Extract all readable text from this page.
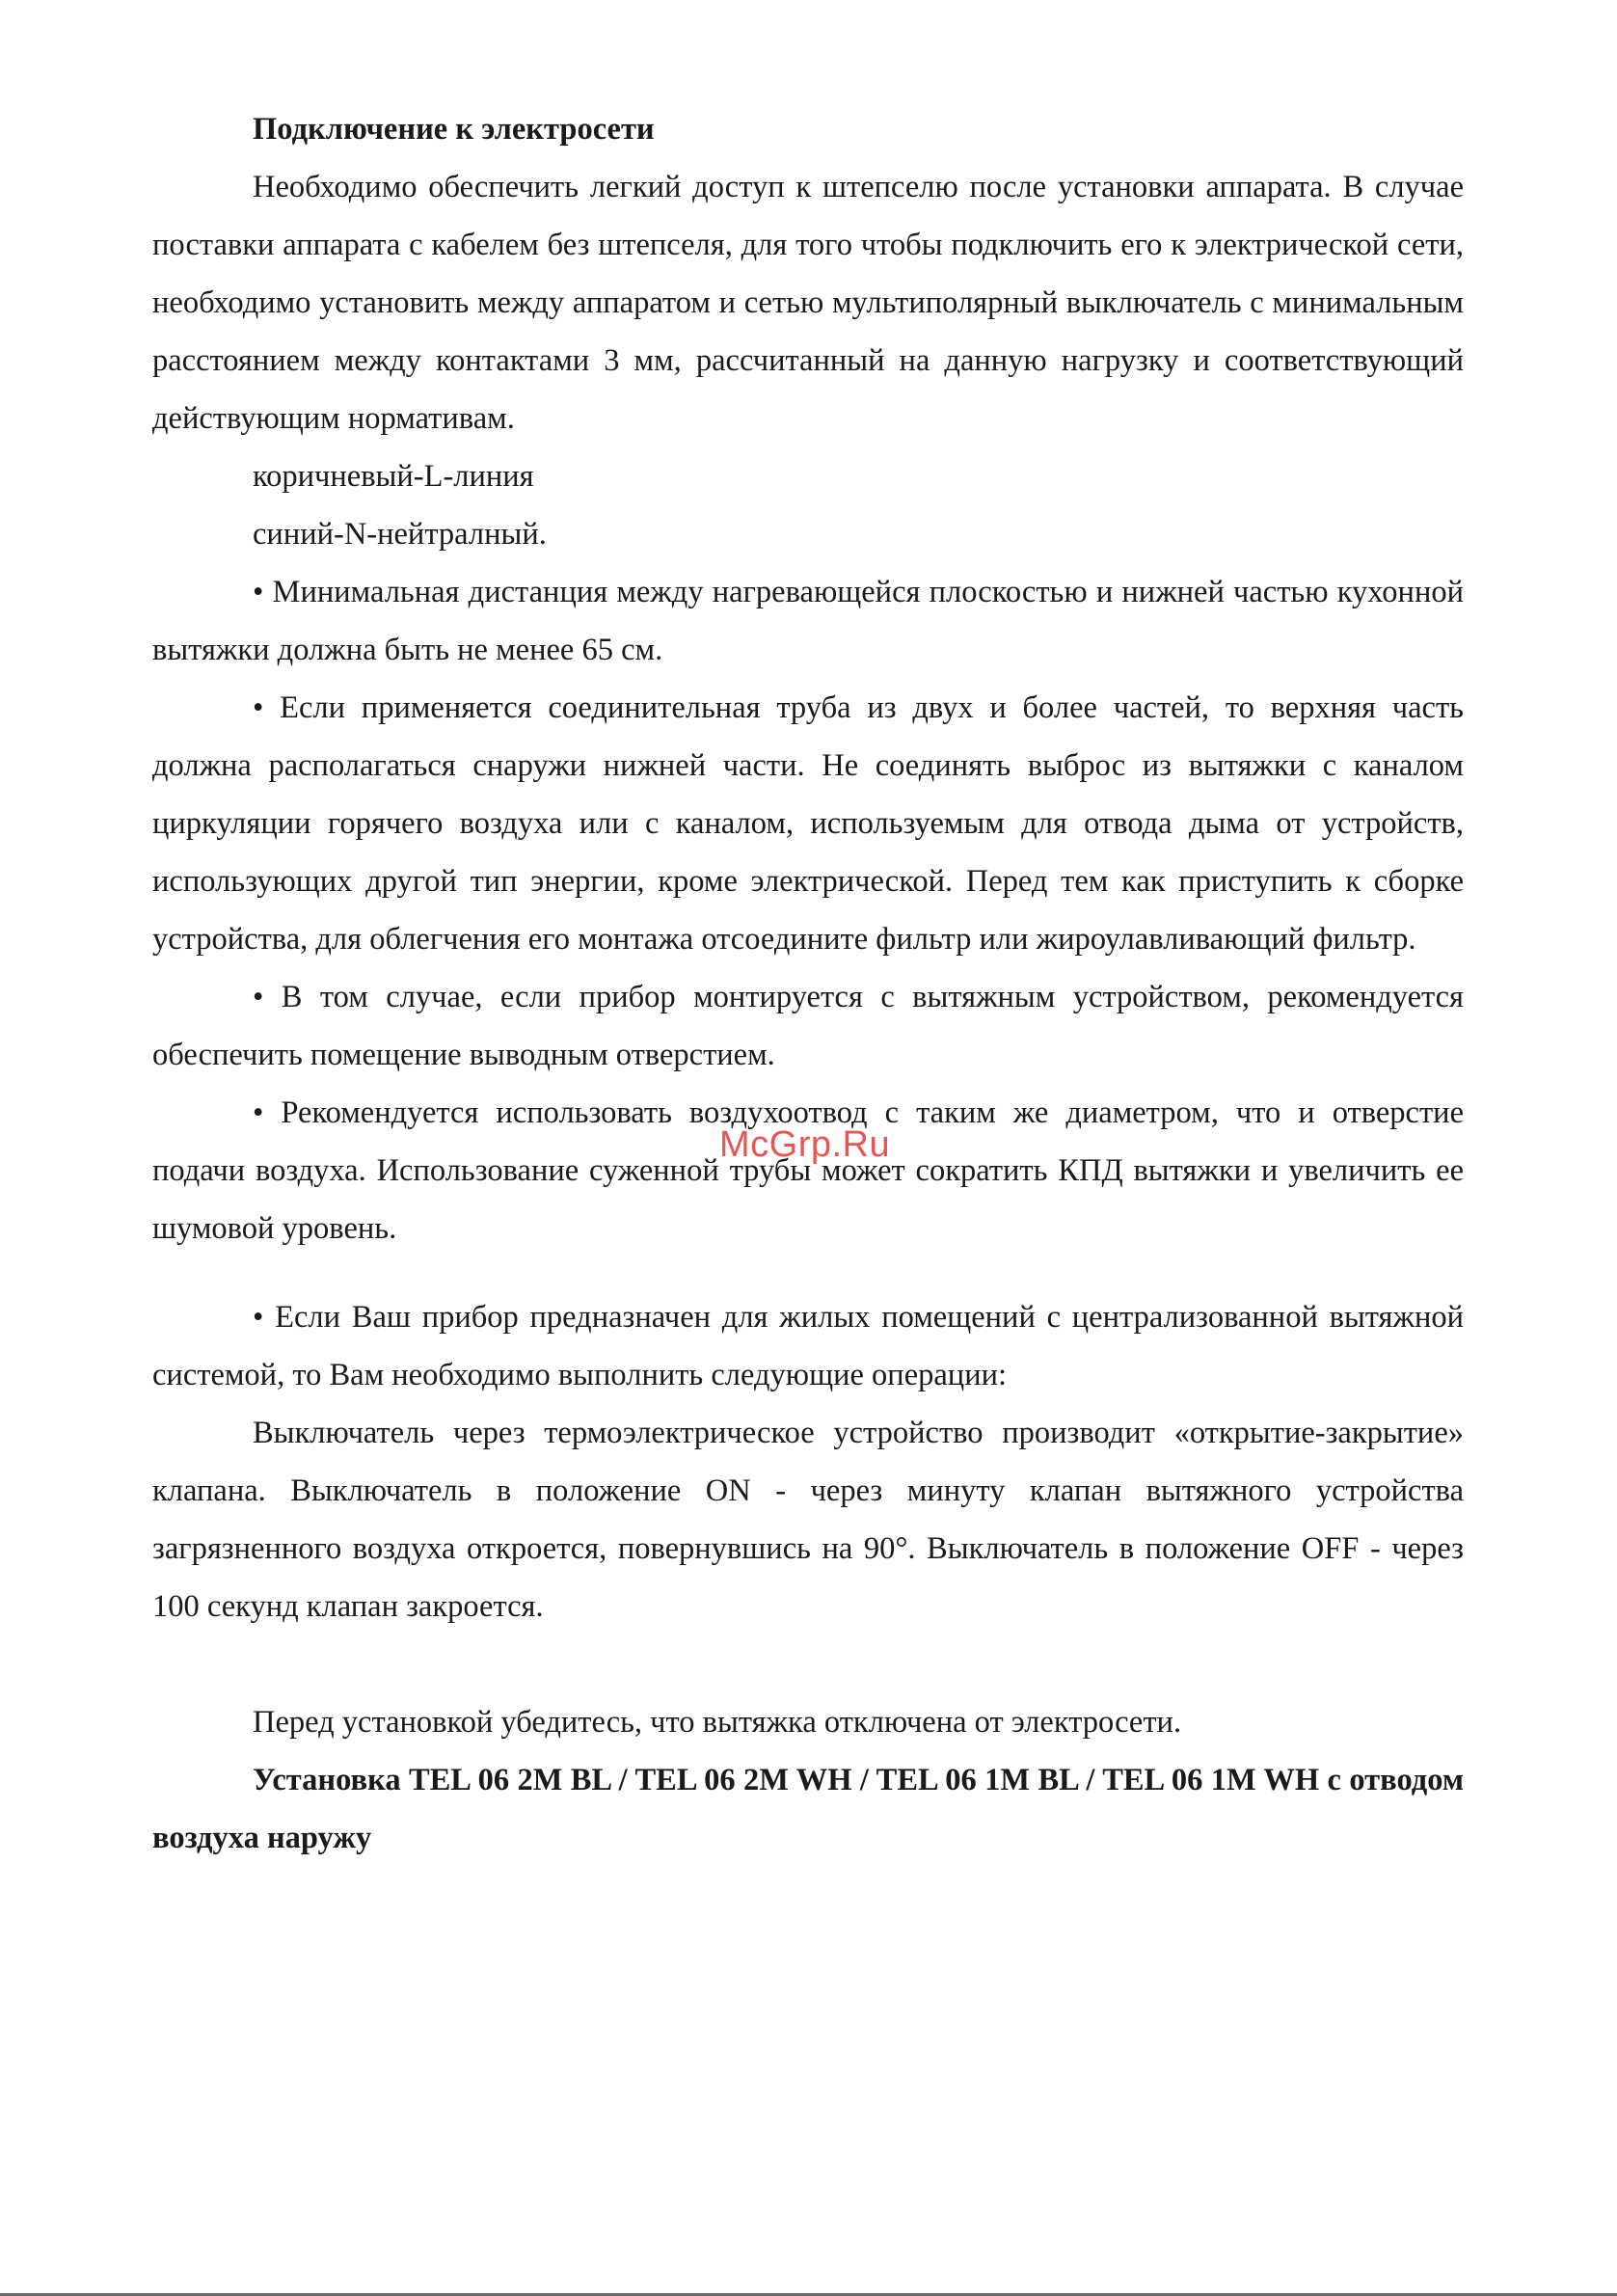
Подключение к электросети

Необходимо обеспечить легкий доступ к штепселю после установки аппарата. В случае поставки аппарата с кабелем без штепселя, для того чтобы подключить его к электрической сети, необходимо установить между аппаратом и сетью мультиполярный выключатель с минимальным расстоянием между контактами 3 мм, рассчитанный на данную нагрузку и соответствующий действующим нормативам.

коричневый-L-линия

синий-N-нейтралный.

• Минимальная дистанция между нагревающейся плоскостью и нижней частью кухонной вытяжки должна быть не менее 65 см.

• Если применяется соединительная труба из двух и более частей, то верхняя часть должна располагаться снаружи нижней части. Не соединять выброс из вытяжки с каналом циркуляции горячего воздуха или с каналом, используемым для отвода дыма от устройств, использующих другой тип энергии, кроме электрической. Перед тем как приступить к сборке устройства, для облегчения его монтажа отсоедините фильтр или жироулавливающий фильтр.

• В том случае, если прибор монтируется с вытяжным устройством, рекомендуется обеспечить помещение выводным отверстием.

• Рекомендуется использовать воздухоотвод с таким же диаметром, что и отверстие подачи воздуха. Использование суженной трубы может сократить КПД вытяжки и увеличить ее шумовой уровень.

• Если Ваш прибор предназначен для жилых помещений с централизованной вытяжной системой, то Вам необходимо выполнить следующие операции:

Выключатель через термоэлектрическое устройство производит «открытие-закрытие» клапана. Выключатель в положение ON - через минуту клапан вытяжного устройства загрязненного воздуха откроется, повернувшись на 90°. Выключатель в положение OFF - через 100 секунд клапан закроется.

Перед установкой убедитесь, что вытяжка отключена от электросети.

Установка TEL 06 2M BL / TEL 06 2M WH / TEL 06 1M BL / TEL 06 1M WH с отводом воздуха наружу

McGrp.Ru
